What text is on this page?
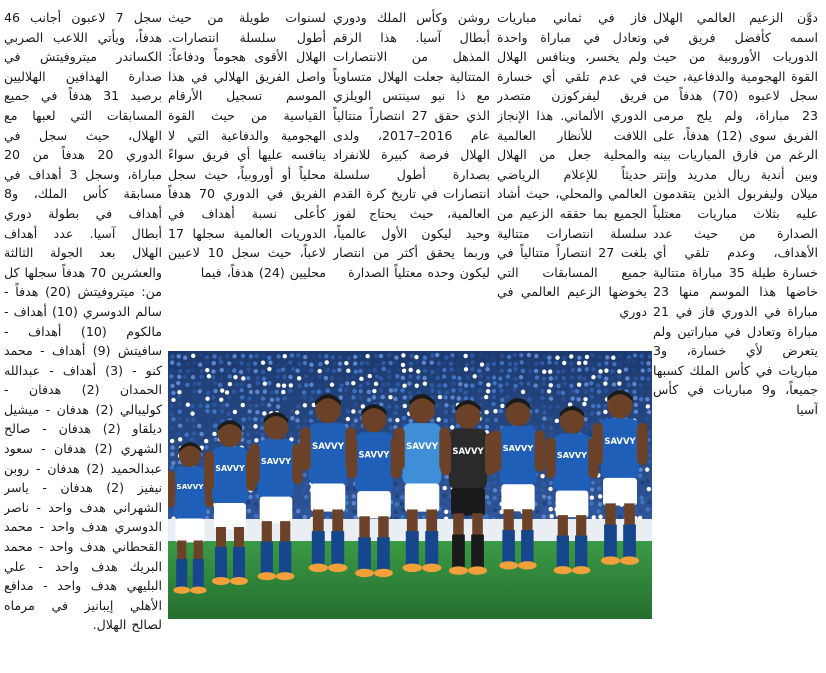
دوَّن الزعيم العالمي الهلال اسمه كأفضل فريق في الدوريات الأوروبية من حيث القوة الهجومية والدفاعية، حيث سجل لاعبوه (70) هدفاً من 23 مباراة، ولم يلج مرمى الفريق سوى (12) هدفاً، على الرغم من فارق المباريات بينه وبين أندية ريال مدريد وإنتر ميلان وليفربول الذين يتقدمون عليه بثلاث مباريات معتلياً الصدارة من حيث عدد الأهداف، وعدم تلقي أي خسارة طيلة 35 مباراة متتالية خاضها هذا الموسم منها 23 مباراة في الدوري فاز في 21 مباراة وتعادل في مباراتين ولم يتعرض لأي خسارة، و3 مباريات في كأس الملك كسبها جميعاً، و9 مباريات في كأس آسيا
فاز في ثماني مباريات وتعادل في مباراة واحدة ولم يخسر، وينافس الهلال في عدم تلقي أي خسارة فريق ليفركوزن متصدر الدوري الألماني. هذا الإنجاز اللافت للأنظار العالمية والمحلية جعل من الهلال حديثاً للإعلام الرياضي العالمي والمحلي، حيث أشاد الجميع بما حققه الزعيم من سلسلة انتصارات متتالية بلغت 27 انتصاراً متتالياً في جميع المسابقات التي يخوضها الزعيم العالمي في دوري
روشن وكأس الملك ودوري أبطال آسيا. هذا الرقم المذهل من الانتصارات المتتالية جعلت الهلال متساوياً مع ذا نيو سينتس الويلزي الذي حقق 27 انتصاراً متتالياً عام 2016–2017، ولدى الهلال فرصة كبيرة للانفراد بصدارة أطول سلسلة انتصارات في تاريخ كرة القدم العالمية، حيث يحتاج لفوز وحيد ليكون الأول عالمياً، وربما يحقق أكثر من انتصار ليكون وحده معتلياً الصدارة
لسنوات طويلة من حيث أطول سلسلة انتصارات. الهلال الأقوى هجوماً ودفاعاً: واصل الفريق الهلالي في هذا الموسم تسجيل الأرقام القياسية من حيث القوة الهجومية والدفاعية التي لا ينافسه عليها أي فريق سواءً محلياً أو أوروبياً، حيث سجل الفريق في الدوري 70 هدفاً كأعلى نسبة أهداف في الدوريات العالمية سجلها 17 لاعباً، حيث سجل 10 لاعبين محليين (24) هدفاً، فيما
سجل 7 لاعبون أجانب 46 هدفاً، ويأتي اللاعب الصربي الكساندر ميتروفيتش في صدارة الهدافين الهلاليين برصيد 31 هدفاً في جميع المسابقات التي لعبها مع الهلال، حيث سجل في الدوري 20 هدفاً من 20 مباراة، وسجل 3 أهداف في مسابقة كأس الملك، و8 أهداف في بطولة دوري أبطال آسيا. عدد أهداف الهلال بعد الجولة الثالثة والعشرين 70 هدفاً سجلها كل من: ميتروفيتش (20) هدفاً - سالم الدوسري (10) أهداف - مالكوم (10) أهداف - سافيتش (9) أهداف - محمد كنو - (3) أهداف - عبدالله الحمدان (2) هدفان - كوليبالي (2) هدفان - ميشيل ديلقاو (2) هدفان - صالح الشهري (2) هدفان - سعود عبدالحميد (2) هدفان - روبن نيفيز (2) هدفان - ياسر الشهراني هدف واحد - ناصر الدوسري هدف واحد - محمد القحطاني هدف واحد - محمد البريك هدف واحد - علي البليهي هدف واحد - مدافع الأهلي إيبانيز في مرماه لصالح الهلال.
SAVVY
SAVVY
SAVVY
SAVVY
SAVVY
SAVVY SAVVY SAVVY
SAVVY
SAVVY
